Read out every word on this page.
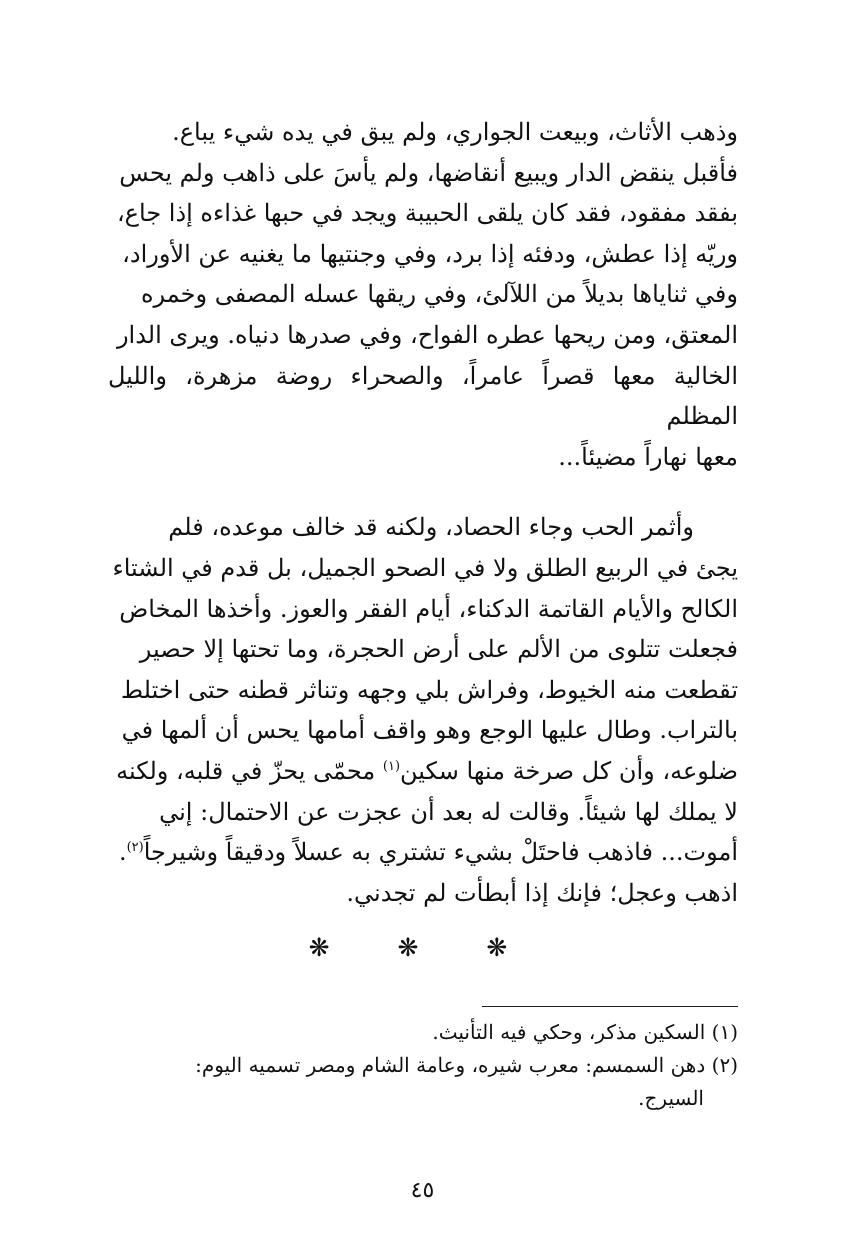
وذهب الأثاث، وبيعت الجواري، ولم يبق في يده شيء يباع.
فأقبل ينقض الدار ويبيع أنقاضها، ولم يأسَ على ذاهب ولم يحس
بفقد مفقود، فقد كان يلقى الحبيبة ويجد في حبها غذاءه إذا جاع،
وريّه إذا عطش، ودفئه إذا برد، وفي وجنتيها ما يغنيه عن الأوراد،
وفي ثناياها بديلاً من اللآلئ، وفي ريقها عسله المصفى وخمره
المعتق، ومن ريحها عطره الفواح، وفي صدرها دنياه. ويرى الدار
الخالية معها قصراً عامراً، والصحراء روضة مزهرة، والليل المظلم
معها نهاراً مضيئاً...

وأثمر الحب وجاء الحصاد، ولكنه قد خالف موعده، فلم
يجئ في الربيع الطلق ولا في الصحو الجميل، بل قدم في الشتاء
الكالح والأيام القاتمة الدكناء، أيام الفقر والعوز. وأخذها المخاض
فجعلت تتلوى من الألم على أرض الحجرة، وما تحتها إلا حصير
تقطعت منه الخيوط، وفراش بلي وجهه وتناثر قطنه حتى اختلط
بالتراب. وطال عليها الوجع وهو واقف أمامها يحس أن ألمها في
ضلوعه، وأن كل صرخة منها سكين$^{(١)}$ محمّى يحزّ في قلبه، ولكنه
لا يملك لها شيئاً. وقالت له بعد أن عجزت عن الاحتمال: إني
أموت... فاذهب فاحتَلْ بشيء تشتري به عسلاً ودقيقاً وشيرجاً$^{(٢)}$.
اذهب وعجل؛ فإنك إذا أبطأت لم تجدني.

❋ ❋ ❋

(١) السكين مذكر، وحكي فيه التأنيث.

(٢) دهن السمسم: معرب شيره، وعامة الشام ومصر تسميه اليوم:
السيرج.

٤٥
